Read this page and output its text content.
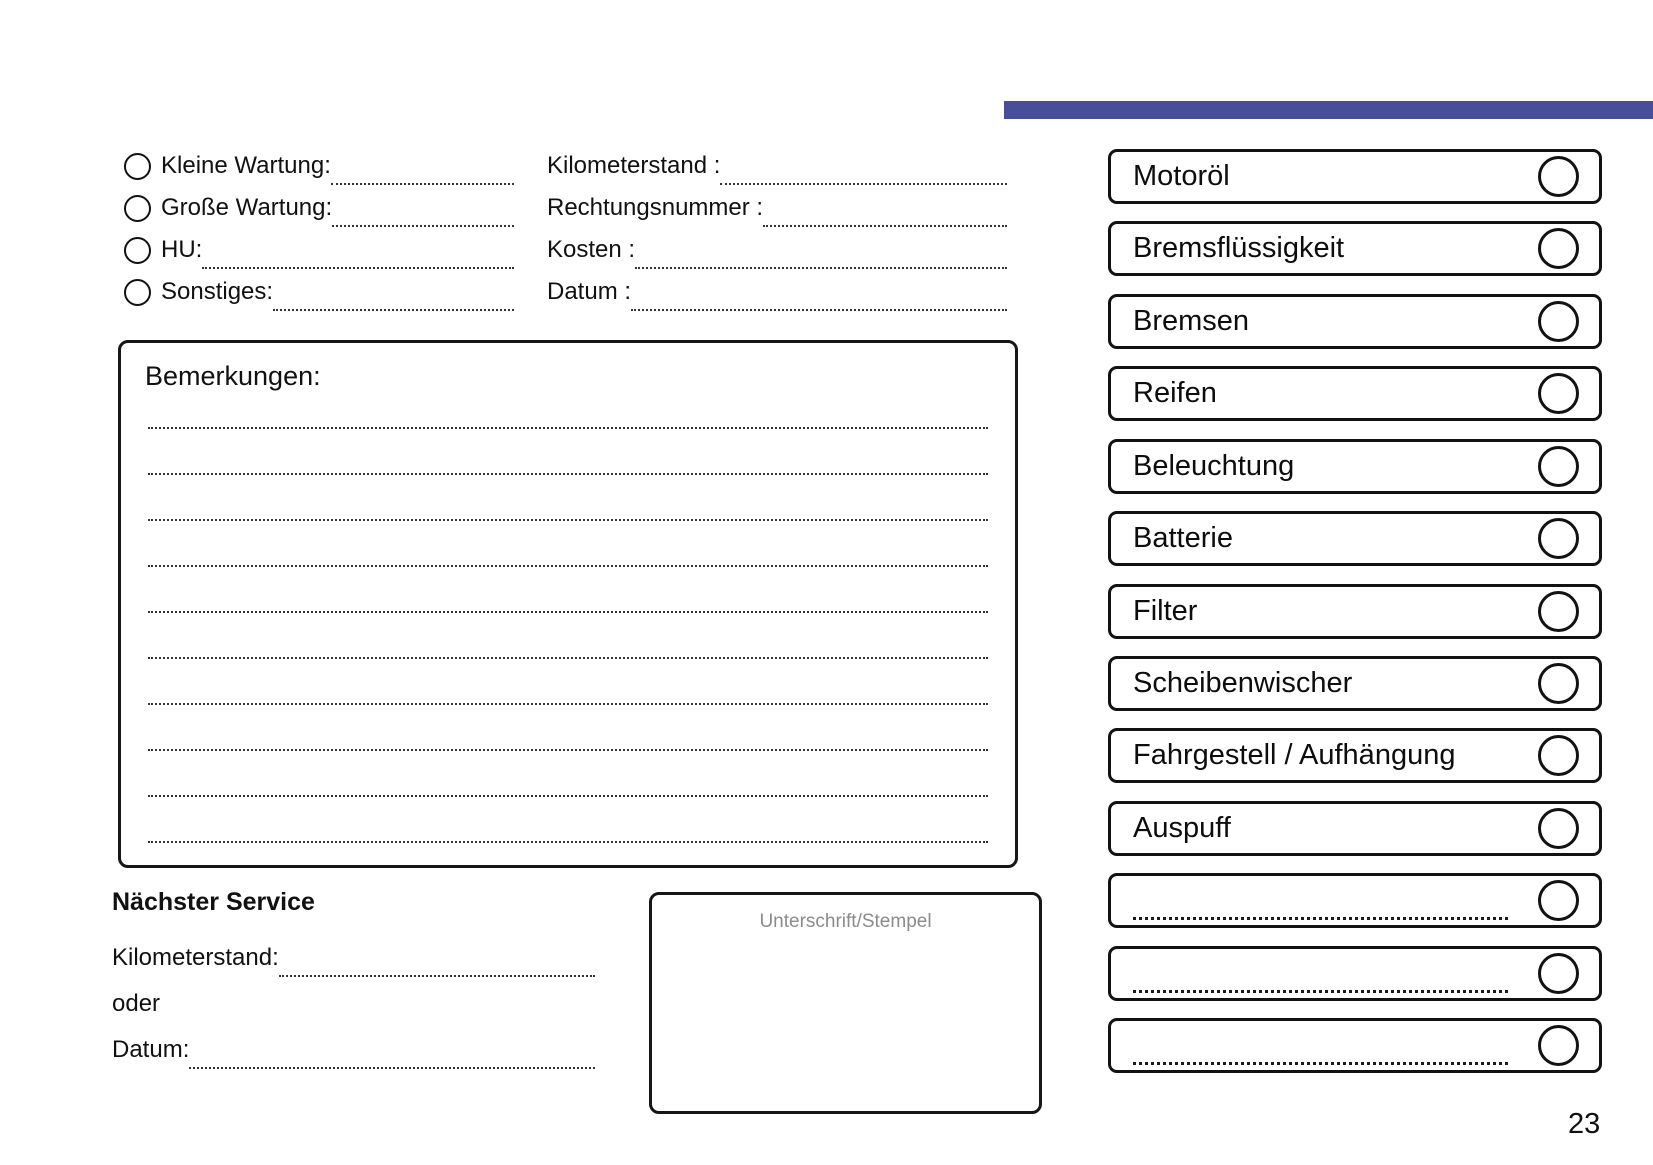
Kleine Wartung:
Große Wartung:
HU:
Sonstiges:
Kilometerstand :
Rechtungsnummer :
Kosten :
Datum :
Bemerkungen:
Nächster Service
Kilometerstand:
oder
Datum:
Unterschrift/Stempel
Motoröl
Bremsflüssigkeit
Bremsen
Reifen
Beleuchtung
Batterie
Filter
Scheibenwischer
Fahrgestell / Aufhängung
Auspuff
23
